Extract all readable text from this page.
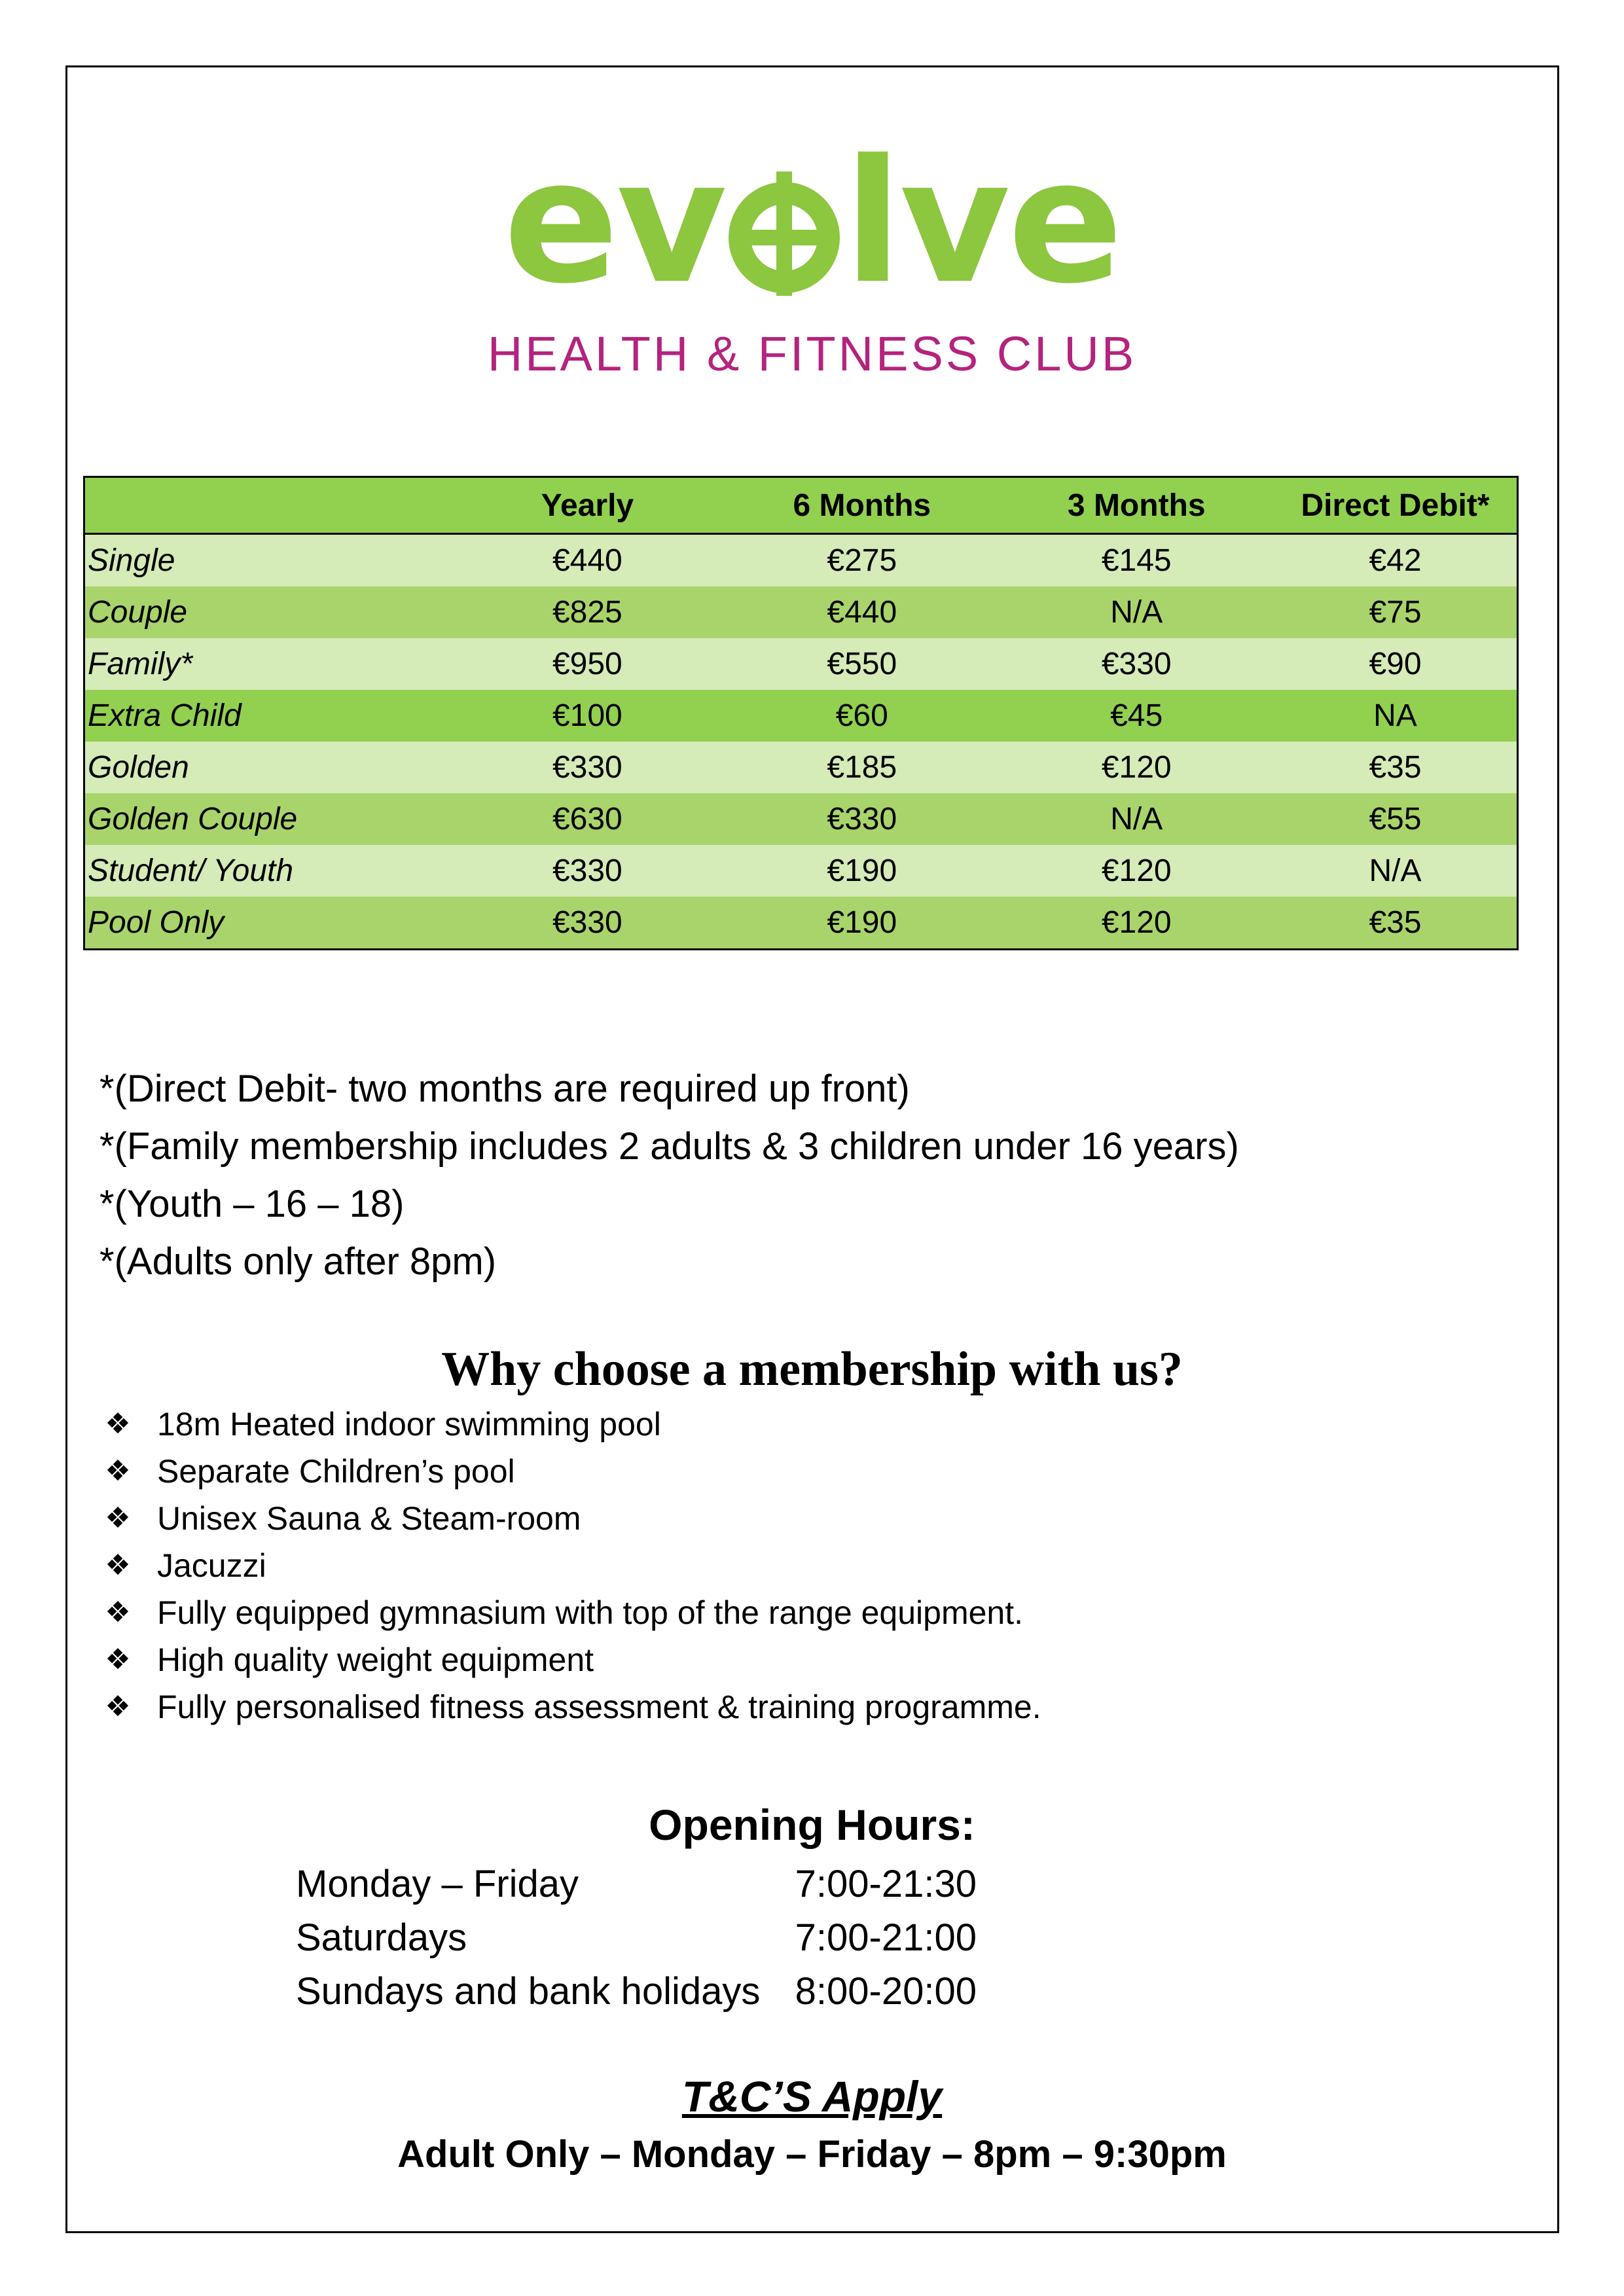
ev lve
HEALTH & FITNESS CLUB
	Yearly	6 Months	3 Months	Direct Debit*
Single	€440	€275	€145	€42
Couple	€825	€440	N/A	€75
Family*	€950	€550	€330	€90
Extra Child	€100	€60	€45	NA
Golden	€330	€185	€120	€35
Golden Couple	€630	€330	N/A	€55
Student/ Youth	€330	€190	€120	N/A
Pool Only	€330	€190	€120	€35
*(Direct Debit- two months are required up front)
*(Family membership includes 2 adults & 3 children under 16 years)
*(Youth – 16 – 18)
*(Adults only after 8pm)
Why choose a membership with us?
❖ 18m Heated indoor swimming pool
❖ Separate Children’s pool
❖ Unisex Sauna & Steam-room
❖ Jacuzzi
❖ Fully equipped gymnasium with top of the range equipment.
❖ High quality weight equipment
❖ Fully personalised fitness assessment & training programme.
Opening Hours:
Monday – Friday	7:00-21:30
Saturdays	7:00-21:00
Sundays and bank holidays 8:00-20:00
T&C’S Apply
Adult Only – Monday – Friday – 8pm – 9:30pm
